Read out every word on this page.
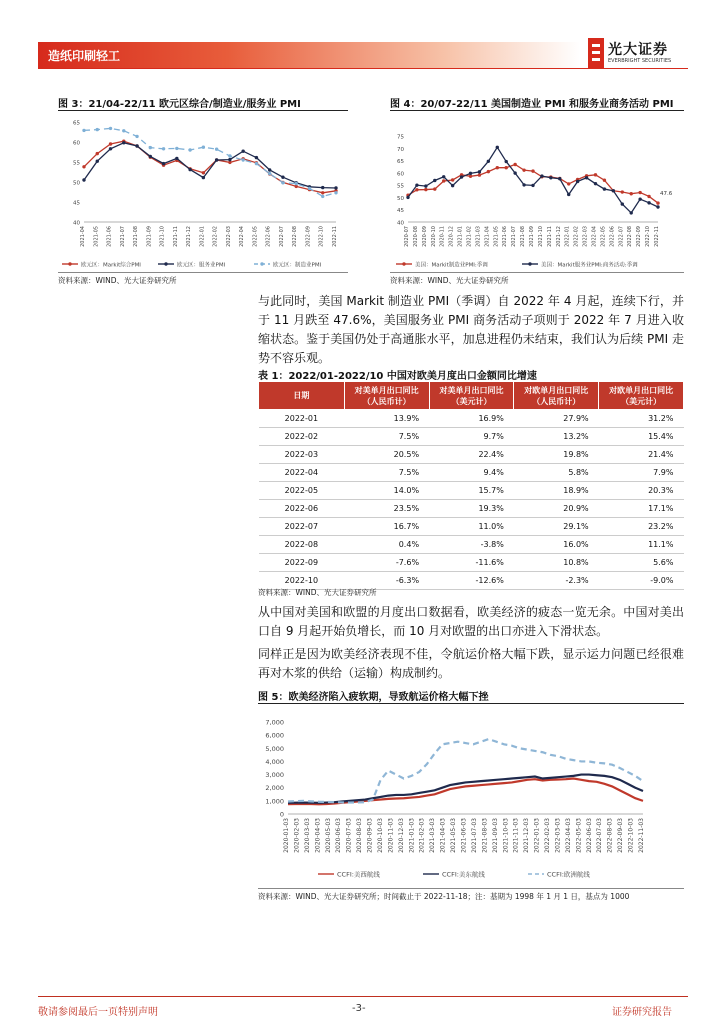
造纸印刷轻工	光大证券
EVERBRIGHT SECURITIES
图 3：21/04-22/11 欧元区综合/制造业/服务业 PMI
65
60
55
50
45
40
2021-04 2021-05 2021-06 2021-07 2021-08 2021-09 2021-10 2021-11 2021-12 2022-01 2022-02 2022-03 2022-04 2022-05 2022-06 2022-07 2022-08 2022-09 2022-10 2022-11
欧元区：Markit综合PMI	欧元区：服务业PMI	欧元区：制造业PMI
资料来源：WIND、光大证券研究所
图 4：20/07-22/11 美国制造业 PMI 和服务业商务活动 PMI
75
70
65
60
55
50
45
40
2020-07 2020-08 2020-09 2020-10 2020-11 2020-12 2021-01 2021-02 2021-03 2021-04 2021-05 2021-06 2021-07 2021-08 2021-09 2021-10 2021-11 2021-12 2022-01 2022-02 2022-03 2022-04 2022-05 2022-06 2022-07 2022-08 2022-09 2022-10 2022-11
美国：Markit制造业PMI:季调	美国：Markit服务业PMI:商务活动:季调
47.6
资料来源：WIND、光大证券研究所
与此同时，美国 Markit 制造业 PMI（季调）自 2022 年 4 月起，连续下行，并于 11 月跌至 47.6%，美国服务业 PMI 商务活动子项则于 2022 年 7 月进入收缩状态。鉴于美国仍处于高通胀水平，加息进程仍未结束，我们认为后续 PMI 走势不容乐观。
表 1：2022/01-2022/10 中国对欧美月度出口金额同比增速
日期	对美单月出口同比（人民币计）	对美单月出口同比（美元计）	对欧单月出口同比（人民币计）	对欧单月出口同比（美元计）
2022-01	13.9%	16.9%	27.9%	31.2%
2022-02	7.5%	9.7%	13.2%	15.4%
2022-03	20.5%	22.4%	19.8%	21.4%
2022-04	7.5%	9.4%	5.8%	7.9%
2022-05	14.0%	15.7%	18.9%	20.3%
2022-06	23.5%	19.3%	20.9%	17.1%
2022-07	16.7%	11.0%	29.1%	23.2%
2022-08	0.4%	-3.8%	16.0%	11.1%
2022-09	-7.6%	-11.6%	10.8%	5.6%
2022-10	-6.3%	-12.6%	-2.3%	-9.0%
资料来源：WIND、光大证券研究所
从中国对美国和欧盟的月度出口数据看，欧美经济的疲态一览无余。中国对美出口自 9 月起开始负增长，而 10 月对欧盟的出口亦进入下滑状态。
同样正是因为欧美经济表现不佳，令航运价格大幅下跌，显示运力问题已经很难再对木浆的供给（运输）构成制约。
图 5：欧美经济陷入疲软期，导致航运价格大幅下挫
7,000
6,000
5,000
4,000
3,000
2,000
1,000
0
2020-01-03 2020-02-03 2020-03-03 2020-04-03 2020-05-03 2020-06-03 2020-07-03 2020-08-03 2020-09-03 2020-10-03 2020-11-03 2020-12-03 2021-01-03 2021-02-03 2021-03-03 2021-04-03 2021-05-03 2021-06-03 2021-07-03 2021-08-03 2021-09-03 2021-10-03 2021-11-03 2021-12-03 2022-01-03 2022-02-03 2022-03-03 2022-04-03 2022-05-03 2022-06-03 2022-07-03 2022-08-03 2022-09-03 2022-10-03 2022-11-03
CCFI:美西航线	CCFI:美东航线	CCFI:欧洲航线
资料来源：WIND、光大证券研究所；时间截止于 2022-11-18；注：基期为 1998 年 1 月 1 日，基点为 1000
敬请参阅最后一页特别声明	-3-	证券研究报告
